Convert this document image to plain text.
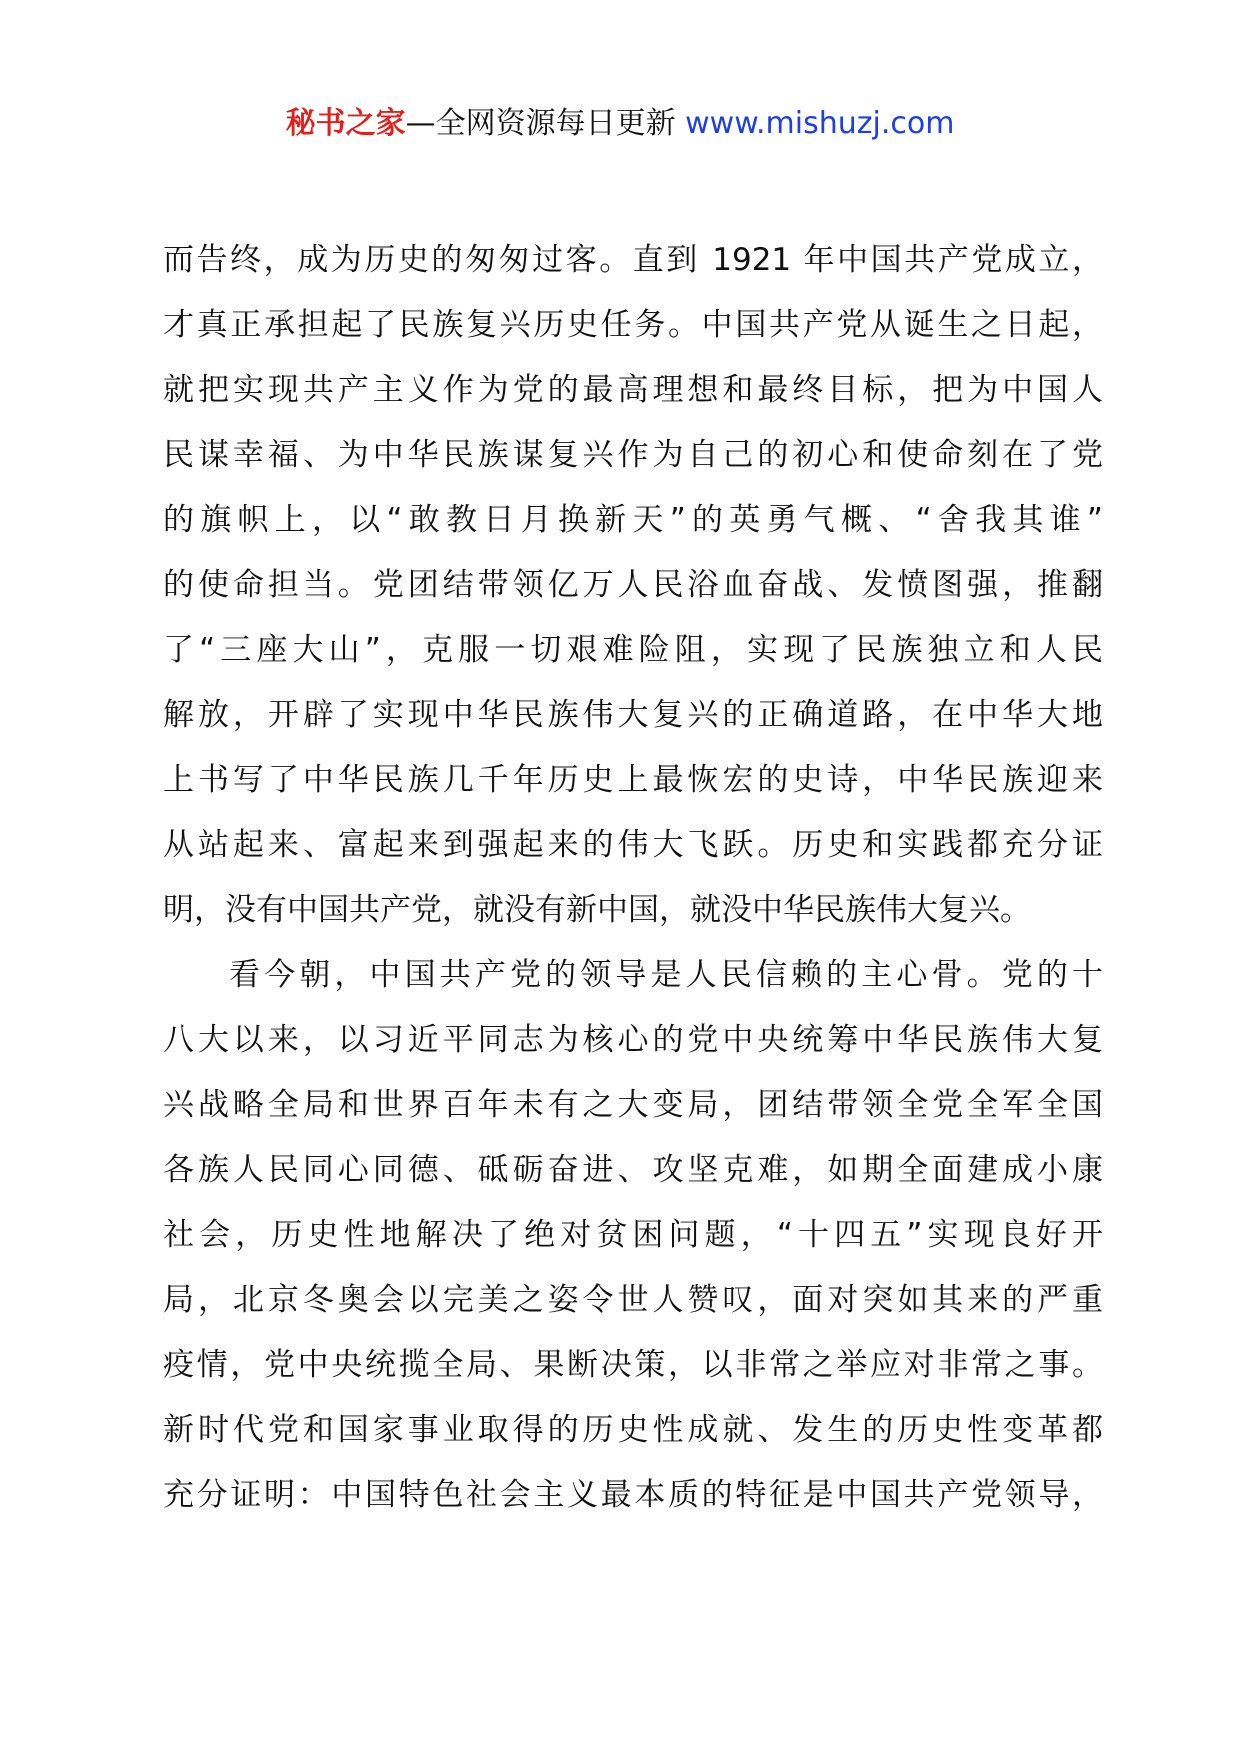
秘书之家—全网资源每日更新 www.mishuzj.com
而告终，成为历史的匆匆过客。直到 1921 年中国共产党成立，
才真正承担起了民族复兴历史任务。中国共产党从诞生之日起，
就把实现共产主义作为党的最高理想和最终目标，把为中国人
民谋幸福、为中华民族谋复兴作为自己的初心和使命刻在了党
的旗帜上，以“敢教日月换新天”的英勇气概、“舍我其谁”
的使命担当。党团结带领亿万人民浴血奋战、发愤图强，推翻
了“三座大山”，克服一切艰难险阻，实现了民族独立和人民
解放，开辟了实现中华民族伟大复兴的正确道路，在中华大地
上书写了中华民族几千年历史上最恢宏的史诗，中华民族迎来
从站起来、富起来到强起来的伟大飞跃。历史和实践都充分证
明，没有中国共产党，就没有新中国，就没中华民族伟大复兴。
看今朝，中国共产党的领导是人民信赖的主心骨。党的十
八大以来，以习近平同志为核心的党中央统筹中华民族伟大复
兴战略全局和世界百年未有之大变局，团结带领全党全军全国
各族人民同心同德、砥砺奋进、攻坚克难，如期全面建成小康
社会，历史性地解决了绝对贫困问题，“十四五”实现良好开
局，北京冬奥会以完美之姿令世人赞叹，面对突如其来的严重
疫情，党中央统揽全局、果断决策，以非常之举应对非常之事。
新时代党和国家事业取得的历史性成就、发生的历史性变革都
充分证明：中国特色社会主义最本质的特征是中国共产党领导，
